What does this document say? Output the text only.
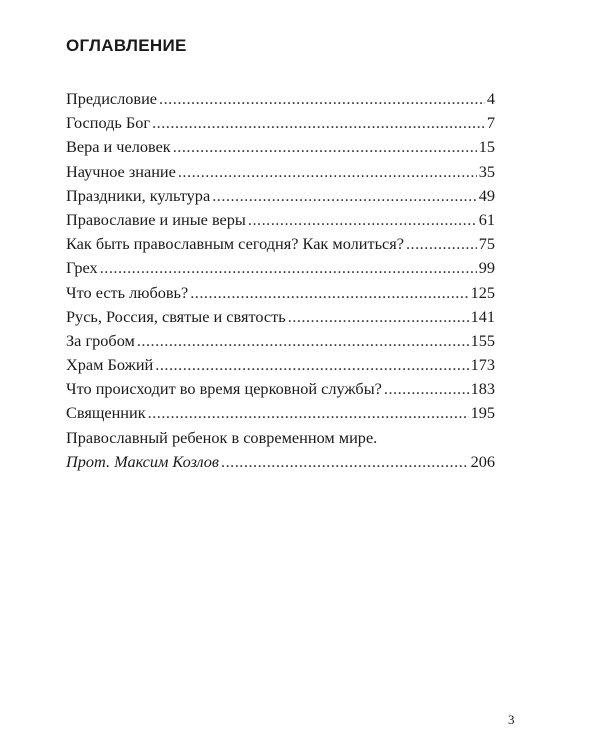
ОГЛАВЛЕНИЕ
Предисловие .....	4
Господь Бог .....	7
Вера и человек .....	15
Научное знание .....	35
Праздники, культура .....	49
Православие и иные веры .....	61
Как быть православным сегодня? Как молиться? .....	75
Грех .....	99
Что есть любовь? .....	125
Русь, Россия, святые и святость .....	141
За гробом .....	155
Храм Божий .....	173
Что происходит во время церковной службы? .....	183
Священник .....	195
Православный ребенок в современном мире.
Прот. Максим Козлов .....	206
3
